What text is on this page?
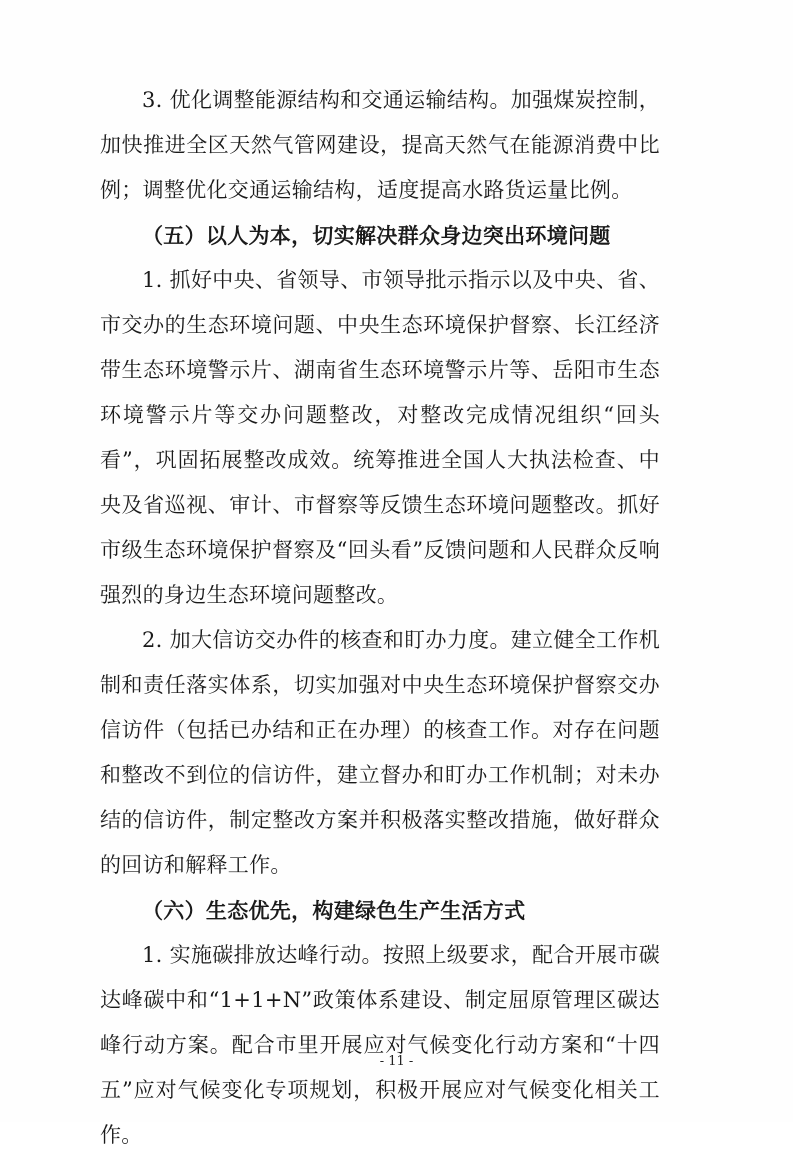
3. 优化调整能源结构和交通运输结构。加强煤炭控制，加快推进全区天然气管网建设，提高天然气在能源消费中比例；调整优化交通运输结构，适度提高水路货运量比例。

（五）以人为本，切实解决群众身边突出环境问题

1. 抓好中央、省领导、市领导批示指示以及中央、省、市交办的生态环境问题、中央生态环境保护督察、长江经济带生态环境警示片、湖南省生态环境警示片等、岳阳市生态环境警示片等交办问题整改，对整改完成情况组织“回头看”，巩固拓展整改成效。统筹推进全国人大执法检查、中央及省巡视、审计、市督察等反馈生态环境问题整改。抓好市级生态环境保护督察及“回头看”反馈问题和人民群众反响强烈的身边生态环境问题整改。

2. 加大信访交办件的核查和盯办力度。建立健全工作机制和责任落实体系，切实加强对中央生态环境保护督察交办信访件（包括已办结和正在办理）的核查工作。对存在问题和整改不到位的信访件，建立督办和盯办工作机制；对未办结的信访件，制定整改方案并积极落实整改措施，做好群众的回访和解释工作。

（六）生态优先，构建绿色生产生活方式

1. 实施碳排放达峰行动。按照上级要求，配合开展市碳达峰碳中和“1+1+N”政策体系建设、制定屈原管理区碳达峰行动方案。配合市里开展应对气候变化行动方案和“十四五”应对气候变化专项规划，积极开展应对气候变化相关工作。

- 11 -
